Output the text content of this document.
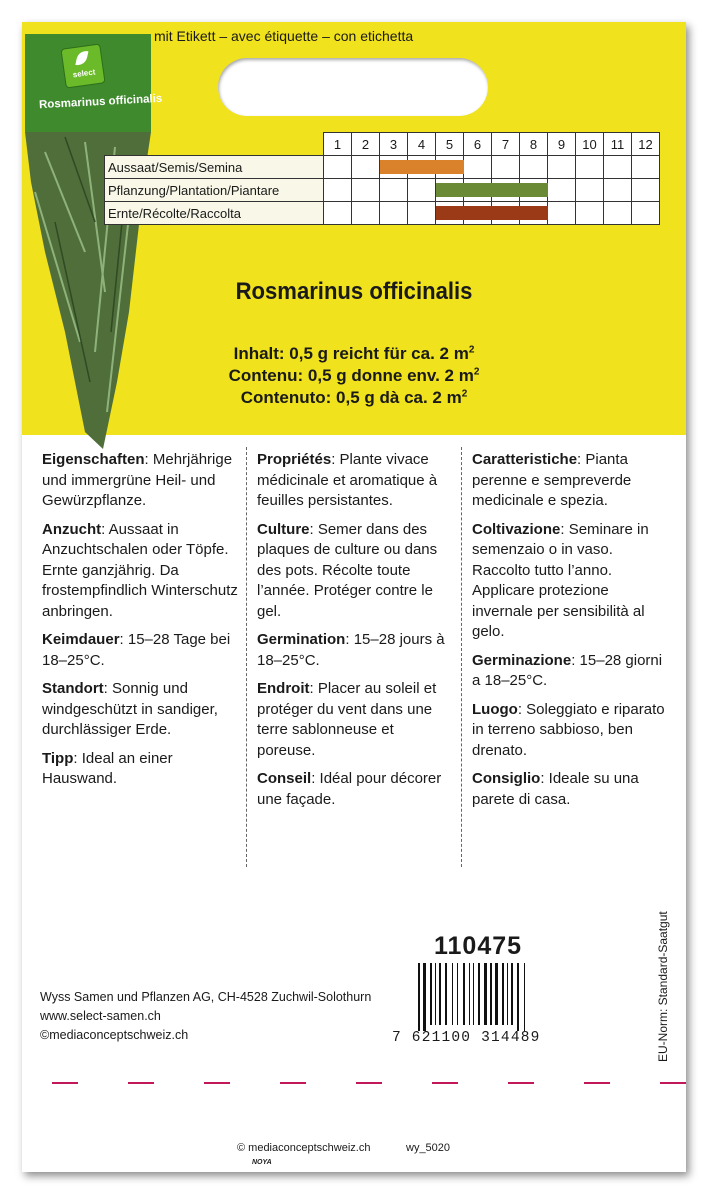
mit Etikett – avec étiquette – con etichetta
select
Rosmarinus officinalis
	1	2	3	4	5	6	7	8	9	10	11	12
Aussaat/Semis/Semina			

Pflanzung/Plantation/Piantare					

Ernte/Récolte/Raccolta					

Rosmarinus officinalis
Inhalt: 0,5 g reicht für ca. 2 $m^2$
Contenu: 0,5 g donne env. 2 $m^2$
Contenuto: 0,5 g dà ca. 2 $m^2$

Eigenschaften: Mehrjährige und immergrüne Heil- und Gewürzpflanze.

Anzucht: Aussaat in Anzuchtschalen oder Töpfe. Ernte ganzjährig. Da frostempfindlich Winterschutz anbringen.

Keimdauer: 15–28 Tage bei 18–25°C.

Standort: Sonnig und windgeschützt in sandiger, durchlässiger Erde.

Tipp: Ideal an einer Hauswand.

Propriétés: Plante vivace médicinale et aromatique à feuilles persistantes.

Culture: Semer dans des plaques de culture ou dans des pots. Récolte toute l’année. Protéger contre le gel.

Germination: 15–28 jours à 18–25°C.

Endroit: Placer au soleil et protéger du vent dans une terre sablonneuse et poreuse.

Conseil: Idéal pour décorer une façade.

Caratteristiche: Pianta perenne e sempreverde medicinale e spezia.

Coltivazione: Seminare in semenzaio o in vaso. Raccolto tutto l’anno. Applicare protezione invernale per sensibilità al gelo.

Germinazione: 15–28 giorni a 18–25°C.

Luogo: Soleggiato e riparato in terreno sabbioso, ben drenato.

Consiglio: Ideale su una parete di casa.

110475
Wyss Samen und Pflanzen AG, CH-4528 Zuchwil-Solothurn
www.select-samen.ch
©mediaconceptschweiz.ch	7 621100 314489	EU-Norm: Standard-Saatgut
© mediaconceptschweiz.ch	wy_5020
NOYA
